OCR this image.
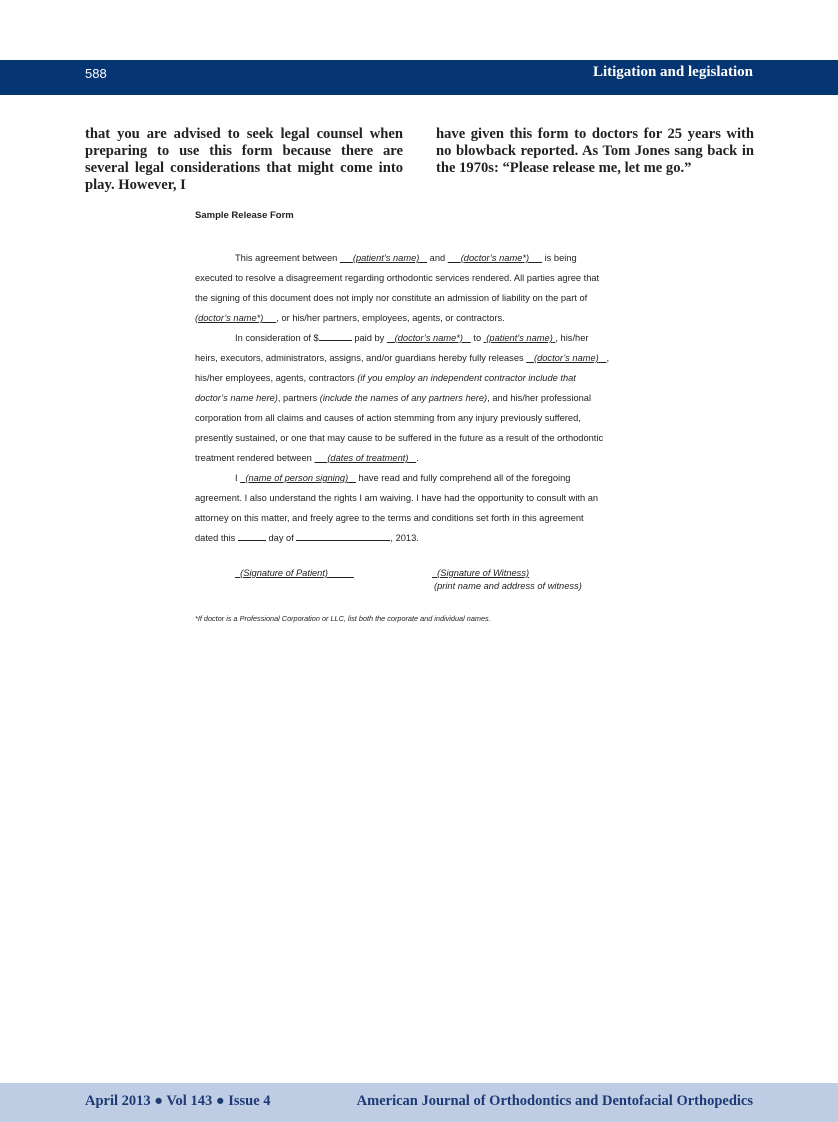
588	Litigation and legislation
that you are advised to seek legal counsel when preparing to use this form because there are several legal considerations that might come into play. However, I
have given this form to doctors for 25 years with no blowback reported. As Tom Jones sang back in the 1970s: “Please release me, let me go.”
Sample Release Form
This agreement between      (patient’s name)    and      (doctor’s name*)      is being
executed to resolve a disagreement regarding orthodontic services rendered. All parties agree that
the signing of this document does not imply nor constitute an admission of liability on the part of
(doctor’s name*) , or his/her partners, employees, agents, or contractors.
In consideration of $	paid by    (doctor’s name*)    to  (patient’s name) , his/her
heirs, executors, administrators, assigns, and/or guardians hereby fully releases    (doctor’s name) ,
his/her employees, agents, contractors (if you employ an independent contractor include that
doctor’s name here), partners (include the names of any partners here), and his/her professional
corporation from all claims and causes of action stemming from any injury previously suffered,
presently sustained, or one that may cause to be suffered in the future as a result of the orthodontic
treatment rendered between      (dates of treatment) .
I   (name of person signing)    have read and fully comprehend all of the foregoing
agreement. I also understand the rights I am waiving. I have had the opportunity to consult with an
attorney on this matter, and freely agree to the terms and conditions set forth in this agreement
dated this	day of	, 2013.
(Signature of Patient)	(Signature of Witness)
(print name and address of witness)
*If doctor is a Professional Corporation or LLC, list both the corporate and individual names.
April 2013 ● Vol 143 ● Issue 4	American Journal of Orthodontics and Dentofacial Orthopedics
